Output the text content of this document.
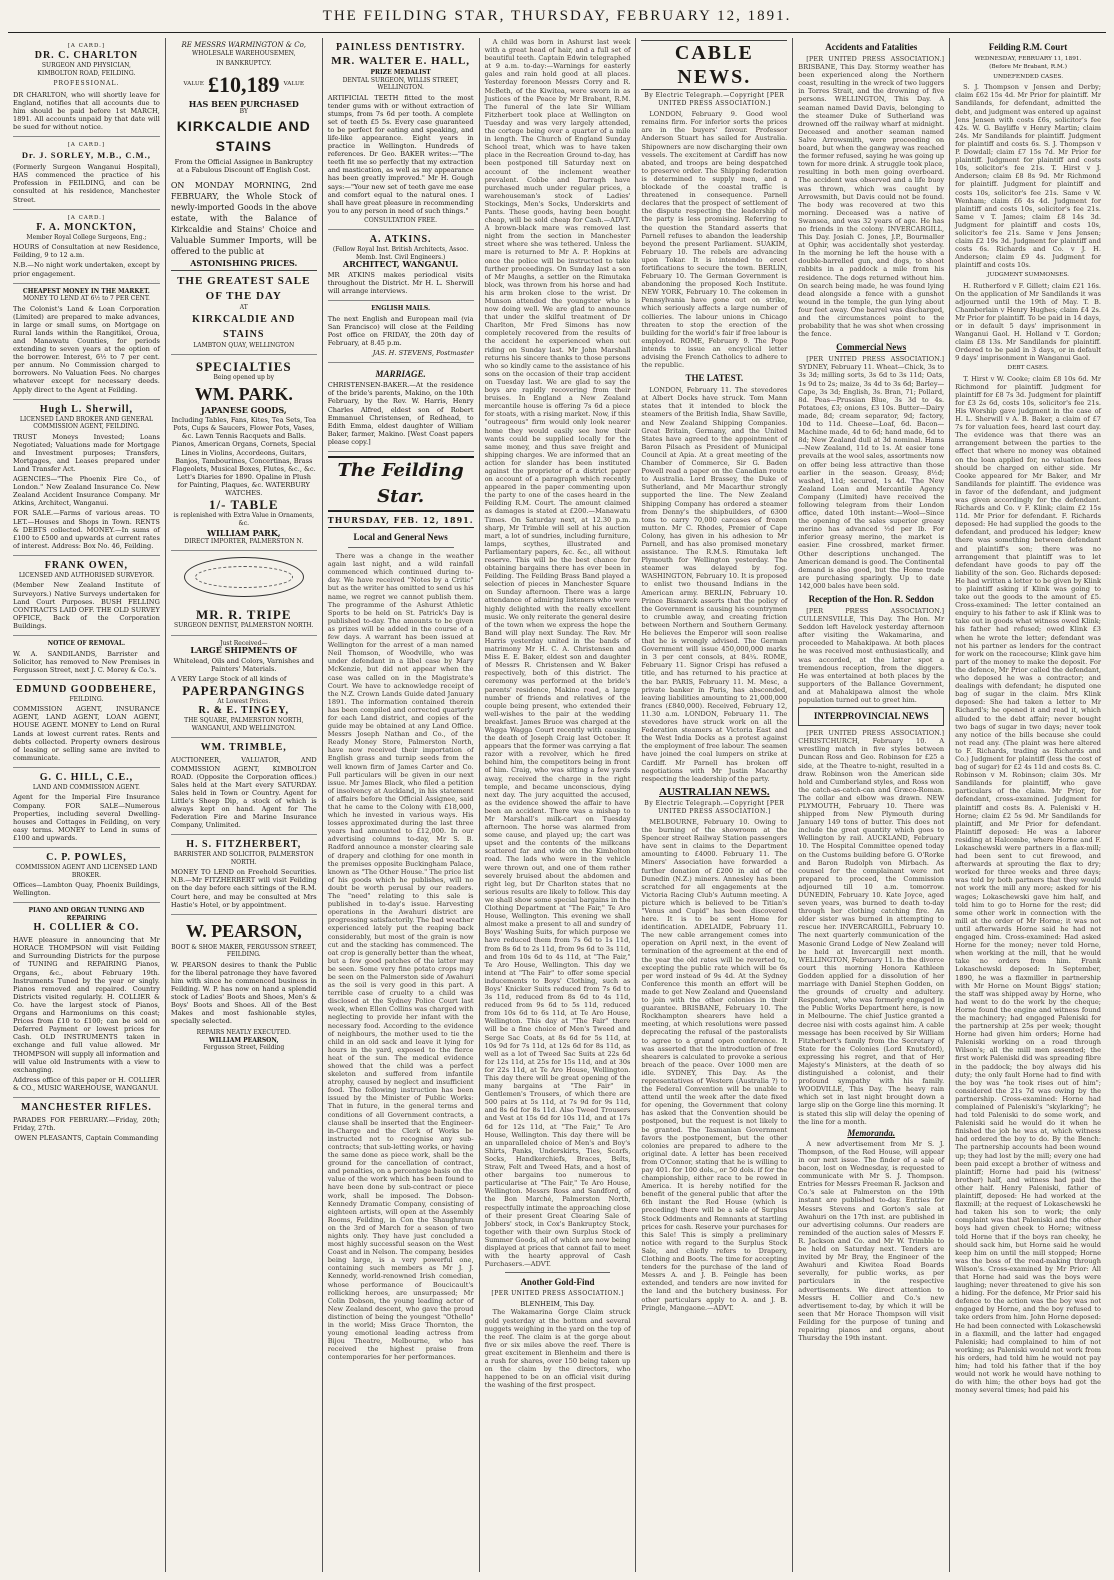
THE FEILDING STAR, THURSDAY, FEBRUARY 12, 1891.
[A CARD.]
DR. C. CHARLTON
SURGEON AND PHYSICIAN,
KIMBOLTON ROAD, FEILDING.
PROFESSIONAL.

DR CHARLTON, who will shortly leave for England, notifies that all accounts due to him should be paid before 1st MARCH, 1891. All accounts unpaid by that date will be sued for without notice.

[A CARD.]
Dr. J. SORLEY, M.B., C.M.,

(Formerly Surgeon Wanganui Hospital), HAS commenced the practice of his Profession in FEILDING, and can be consulted at his residence, Manchester Street.

[A CARD.]
F. A. MONCKTON,
Member Royal College Surgeons, Eng.;

HOURS of Consultation at new Residence, Feilding, 9 to 12 a.m.

N.B.—No night work undertaken, except by prior engagement.

CHEAPEST MONEY IN THE MARKET.
MONEY TO LEND AT 6½ to 7 PER CENT.

The Colonist's Land & Loan Corporation (Limited) are prepared to make advances, in large or small sums, on Mortgage on Rural lands within the Rangitikei, Oroua, and Manawatu Counties, for periods extending to seven years at the option of the borrower. Interest, 6½ to 7 per cent. per annum. No Commission charged to borrowers. No Valuation Fees. No charges whatever except for necessary deeds. Apply direct to the Agent at Feilding.

Hugh L. Sherwill,
LICENSED LAND BROKER AND GENERAL COMMISSION AGENT, FEILDING.

TRUST Moneys Invested; Loans Negotiated; Valuations made for Mortgage and Investment purposes; Transfers, Mortgages, and Leases prepared under Land Transfer Act.

AGENCIES—"The Phoenix Fire Co., of London." New Zealand Insurance Co. New Zealand Accident Insurance Company. Mr Atkins, Architect, Wanganui.

FOR SALE.—Farms of various areas. TO LET.—Houses and Shops in Town. RENTS & DEBTS collected. MONEY.—In sums of £100 to £500 and upwards at current rates of interest. Address: Box No. 46, Feilding.

FRANK OWEN,
LICENSED AND AUTHORISED SURVEYOR.

(Member New Zealand Institute of Surveyors.) Native Surveys undertaken for Land Court Purposes. BUSH FELLING CONTRACTS LAID OFF. THE OLD SURVEY OFFICE, Back of the Corporation Buildings.

NOTICE OF REMOVAL.

W. A. SANDILANDS, Barrister and Solicitor, has removed to New Premises in Fergusson Street, next J. C. Morey & Co.'s.

EDMUND GOODBEHERE,
FEILDING.

COMMISSION AGENT, INSURANCE AGENT, LAND AGENT, LOAN AGENT, HOUSE AGENT. MONEY to Lend on Rural Lands at lowest current rates. Rents and debts collected. Property owners desirous of leasing or selling same are invited to communicate.

G. C. HILL, C.E.,
LAND AND COMMISSION AGENT.

Agent for the Imperial Fire Insurance Company. FOR SALE—Numerous Properties, including several Dwelling-houses and Cottages in Feilding, on very easy terms. MONEY to Lend in sums of £100 and upwards.

C. P. POWLES,
COMMISSION AGENT AND LICENSED LAND BROKER.

Offices—Lambton Quay, Phoenix Buildings, Wellington.

PIANO AND ORGAN TUNING AND REPAIRING
H. COLLIER & CO.

HAVE pleasure in announcing that Mr HORACE THOMPSON will visit Feilding and Surrounding Districts for the purpose of TUNING and REPAIRING Pianos, Organs, &c., about February 19th. Instruments Tuned by the year or singly. Pianos removed and repaired. Country Districts visited regularly. H. COLLIER & Co. have the largest stock of Pianos, Organs and Harmoniums on this coast; Prices from £10 to £100; can be sold on Deferred Payment or lowest prices for Cash. OLD INSTRUMENTS taken in exchange and full value allowed. Mr THOMPSON will supply all information and will value old Instruments with a view to exchanging.

Address office of this paper or H. COLLIER & CO., MUSIC WAREHOUSE, WANGANUI.

MANCHESTER RIFLES.

PARADES FOR FEBRUARY.—Friday, 20th; Friday, 27th.

OWEN PLEASANTS, Captain Commanding

RE MESSRS WARMINGTON & Co,
WHOLESALE WAREHOUSEMEN,
IN BANKRUPTCY.
VALUE £10,189 VALUE
HAS BEEN PURCHASED
BY
KIRKCALDIE AND STAINS

From the Official Assignee in Bankruptcy at a Fabulous Discount off English Cost.

ON MONDAY MORNING, 2nd FEBRUARY, the Whole Stock of newly-imported Goods in the above estate, with the Balance of Kirkcaldie and Stains' Choice and Valuable Summer Imports, will be offered to the public at

ASTONISHING PRICES.
THE GREATEST SALE OF THE DAY
AT
KIRKCALDIE AND STAINS
LAMBTON QUAY, WELLINGTON
SPECIALTIES
Being opened up by
WM. PARK.
JAPANESE GOODS,

Including Tables, Fans, Kites, Tea Sets, Tea Pots, Cups & Saucers, Flower Pots, Vases, &c. Lawn Tennis Racquets and Balls. Pianos, American Organs, Cornets, Special Lines in Violins, Accordeons, Guitars, Banjos, Tambourines, Concertinas, Brass Flageolets, Musical Boxes, Flutes, &c., &c. Lett's Diaries for 1890. Opaline in Plush for Painting, Plaques, &c. WATERBURY WATCHES.

1/- TABLE
is replenished with Extra Value in Ornaments, &c.
WILLIAM PARK,
DIRECT IMPORTER, PALMERSTON N.
MR. R. TRIPE
SURGEON DENTIST, PALMERSTON NORTH.
Just Received—
LARGE SHIPMENTS OF

Whitelead, Oils and Colors, Varnishes and Painters' Materials.

A VERY Large Stock of all kinds of

PAPERPANGINGS
At Lowest Prices.
R. & E. TINGEY,
THE SQUARE, PALMERSTON NORTH, WANGANUI, AND WELLINGTON.
WM. TRIMBLE,

AUCTIONEER, VALUATOR, AND COMMISSION AGENT, KIMBOLTON ROAD. (Opposite the Corporation offices.) Sales held at the Mart every SATURDAY. Sales held in Town or Country. Agent for Little's Sheep Dip, a stock of which is always kept on hand. Agent for The Federation Fire and Marine Insurance Company, Unlimited.

H. S. FITZHERBERT,
BARRISTER AND SOLICITOR, PALMERSTON NORTH.

MONEY TO LEND on Freehold Securities. N.B.—Mr FITZHERBERT will visit Feilding on the day before each sittings of the R.M. Court here, and may be consulted at Mrs Hastie's Hotel, or by appointment.

W. PEARSON,
BOOT & SHOE MAKER, FERGUSSON STREET, FEILDING.

W. PEARSON desires to thank the Public for the liberal patronage they have favored him with since he commenced business in Feilding. W. P. has now on hand a splendid stock of Ladies' Boots and Shoes, Men's & Boys' Boots and Shoes. All of the Best Makes and most fashionable styles, specially selected.

REPAIRS NEATLY EXECUTED.
WILLIAM PEARSON,
Fergusson Street, Feilding
PAINLESS DENTISTRY.
MR. WALTER E. HALL,
PRIZE MEDALIST
DENTAL SURGEON, WILLIS STREET, WELLINGTON.

ARTIFICIAL TEETH fitted to the most tender gums with or without extraction of stumps, from 7s 6d per tooth. A complete set of teeth £5 5s. Every case guaranteed to be perfect for eating and speaking, and life-like appearance. Eight years in practice in Wellington. Hundreds of references. Dr Geo. BAKER writes:—"The teeth fit me so perfectly that my extraction and mastication, as well as my appearance has been greatly improved." Mr H. Gough says:—"Your new set of teeth gave me ease and comfort equal to the natural ones. I shall have great pleasure in recommending you to any person in need of such things."

CONSULTATION FREE.
A. ATKINS.
(Fellow Royal Inst. British Architects, Assoc. Memb. Inst. Civil Engineers.)
ARCHITECT, WANGANUI.

MR ATKINS makes periodical visits throughout the District. Mr H. L. Sherwill will arrange interviews.

ENGLISH MAILS.

The next English and European mail (via San Francisco) will close at the Feilding Post office on FRIDAY, the 20th day of February, at 8.45 p.m.

JAS. H. STEVENS, Postmaster

MARRIAGE.

CHRISTENSEN-BAKER.—At the residence of the bride's parents, Makino, on the 10th February, by the Rev. W. Harris, Henry Charles Alfred, eldest son of Robert Emmanuel Christensen, of Redhead, to Edith Emma, eldest daughter of William Baker, farmer, Makino. [West Coast papers please copy.]

The Feilding Star.
THURSDAY, FEB. 12, 1891.
Local and General News

There was a change in the weather again last night, and a wild rainfall commenced which continued during to-day. We have received "Notes by a Critic" but as the writer has omitted to send us his name, we regret we cannot publish them. The programme of the Ashurst Athletic Sports to be held on St. Patrick's Day is published to-day. The amounts to be given as prizes will be added in the course of a few days. A warrant has been issued at Wellington for the arrest of a man named Neil Thomson, of Woodville, who was under defendant in a libel case by Mary McKenzie, but did not appear when the case was called on in the Magistrate's Court. We have to acknowledge receipt of the N.Z. Crown Lands Guide dated January 1891. The information contained therein has been compiled and corrected quarterly for each Land district, and copies of the guide may be obtained at any Land Office. Messrs Joseph Nathan and Co., of the Ready Money Store, Palmerston North, have now received their importation of English grass and turnip seeds from the well known firm of James Carter and Co. Full particulars will be given in our next issue. Mr James Black, who filed a petition of insolvency at Auckland, in his statement of affairs before the Official Assignee, said that he came to the Colony with £18,000, which he invested in various ways. His losses approximated during the last three years had amounted to £12,000. In our advertising columns to-day, Mr S. B. Radford announce a monster clearing sale of drapery and clothing for one month in the premises opposite Buckingham Palace, known as "The Other House." The price list of his goods which he publishes, will no doubt be worth perusal by our readers. The "need" relating to this sale is published in to-day's issue. Harvesting operations in the Awahuri district are progressing satisfactorily. The bad weather experienced lately put the reaping back considerably, but most of the grain is now cut and the stacking has commenced. The oat crop is generally better than the wheat, but a few good patches of the latter may be seen. Some very fine potato crops may be seen on the Palmerston side of Awahuri as the soil is very good in this part. A terrible case of cruelty to a child was disclosed at the Sydney Police Court last week, when Ellen Collins was charged with neglecting to provide her infant with the necessary food. According to the evidence of neighbours, the mother used to tie the child in an old sack and leave it lying for hours in the yard, exposed to the fierce heat of the sun. The medical evidence showed that the child was a perfect skeleton and suffered from infantile atrophy, caused by neglect and insufficient food. The following instruction has been issued by the Minister of Public Works: That in future, in the general terms and conditions of all Government contracts, a clause shall be inserted that the Engineer-in-Charge and the Clerk of Works be instructed not to recognise any sub-contracts; that sub-letting works, or having the same done as piece work, shall be the ground for the cancellation of contract, and penalties, on a percentage basis on the value of the work which has been found to have been done by sub-contract or piece work, shall be imposed. The Dobson-Kennedy Dramatic Company, consisting of eighteen artists, will open at the Assembly Rooms, Feilding, in Con the Shaughraun on the 3rd of March for a season of two nights only. They have just concluded a most highly successful season on the West Coast and in Nelson. The company, besides being large, is a very powerful one, containing such members as Mr J. J. Kennedy, world-renowned Irish comedian, whose performance of Boucicault's rollicking heroes, are unsurpassed; Mr Colin Dobson, the young leading actor of New Zealand descent, who gave the proud distinction of being the youngest "Othello" in the world; Miss Grace Thornton, the young emotional leading actress from Bijou Theatre, Melbourne, who has received the highest praise from contemporaries for her performances.

A child was born in Ashurst last week with a great head of hair, and a full set of beautiful teeth. Captain Edwin telegraphed at 9 a.m. to-day:—Warnings for easterly gales and rain hold good at all places. Yesterday forenoon Messrs Corry and R. McBeth, of the Kiwitea, were sworn in as Justices of the Peace by Mr Brabant, R.M. The funeral of the late Sir William Fitzherbert took place at Wellington on Tuesday and was very largely attended, the cortege being over a quarter of a mile in length. The Church of England Sunday School treat, which was to have taken place in the Recreation Ground to-day, has been postponed till Saturday next on account of the inclement weather prevalent. Cobbe and Darragh have purchased much under regular prices, a warehouseman's stock of Ladies' Stockings, Men's Socks, Underskirts and Pants. These goods, having been bought cheap, will be sold cheap for Cash.—ADVT. A brown-black mare was removed last night from the section in Manchester street where she was tethered. Unless the mare is returned to Mr A. P. Hopkins at once the police will be instructed to take further proceedings. On Sunday last a son of Mr Maughs, a settler on the Rimutaka block, was thrown from his horse and had his arm broken close to the wrist. Dr Munson attended the youngster who is now doing well. We are glad to announce that under the skilful treatment of Dr Charlton, Mr Fred Simons has now completely recovered from the results of the accident he experienced when out riding on Sunday last. Mr John Marshall returns his sincere thanks to those persons who so kindly came to the assistance of his sons on the occasion of their trap accident on Tuesday last. We are glad to say the boys are rapidly recovering from their bruises. In England a New Zealand mercantile house is offering 7s 6d a piece for stoats, with a rising market. Now, if this "outrageous" firm would only look nearer home they would easily see how their wants could be supplied locally for the same money, and thus save freight and shipping charges. We are informed that an action for slander has been instituted against the proprietor of a district paper on account of a paragraph which recently appeared in the paper commenting upon the party to one of the cases heard in the Feilding R.M. Court. The amount claimed as damages is stated at £200.—Manawatu Times. On Saturday next, at 12.30 p.m. sharp, Mr Trimble will sell at his auction mart, a lot of sundries, including furniture, lamps, scythes, illustrated and Parliamentary papers, &c. &c., all without reserve. This will be the best chance for obtaining bargains there has ever been in Feilding. The Feilding Brass Band played a selection of pieces in Manchester Square on Sunday afternoon. There was a large attendance of admiring listeners who were highly delighted with the really excellent music. We only reiterate the general desire of the town when we express the hope the Band will play next Sunday. The Rev. Mr Harris yesterday united in the bands of matrimony Mr H. C. A. Christensen and Miss E. E. Baker, eldest son and daughter of Messrs R. Christensen and W. Baker respectively, both of this district. The ceremony was performed at the bride's parents' residence, Makino road, a large number of friends and relatives of the couple being present, who extended their well-wishes to the pair at the wedding breakfast. James Bruce was charged at the Wagga Wagga Court recently with causing the death of Joseph Craig last October. It appears that the former was carrying a flat razor with a revolver, which he fired behind him, the competitors being in front of him. Craig, who was sitting a few yards away, received the charge in the right temple, and became unconscious, dying next day. The jury acquitted the accused, as the evidence showed the affair to have been an accident. There was a mishap to Mr Marshall's milk-cart on Tuesday afternoon. The horse was alarmed from some cause, and played up; the cart was upset and the contents of the milkcans scattered far and wide on the Kimbolton road. The lads who were in the vehicle were thrown out, and one of them rather severely bruised about the abdomen and right leg, but Dr Charlton states that no serious results are likely to follow. This day we shall show some special bargains in the Clothing Department at "The Fair," Te Aro House, Wellington. This evening we shall almost make a present to all and sundry of Boys' Washing Suits, for which purpose we have reduced them from 7s 6d to 1s 11d, from 8s 6d to 2s 11d, from 9s 6d to 3s 11d, and from 10s 6d to 4s 11d, at "The Fair," Te Aro House, Wellington. This day we intend at "The Fair" to offer some special inducements to Boys' Clothing, such as Boys' Knicker Suits reduced from 7s 6d to 3s 11d, reduced from 8s 6d to 4s 11d, reduced from 9s 6d to 5s 11d, reduced from 10s 6d to 6s 11d, at Te Aro House, Wellington. This day at "The Fair" there will be a fine choice of Men's Tweed and Serge Sac Coats, at 8s 6d for 5s 11d, at 10s 9d for 7s 11d, at 12s 6d for 8s 11d, as well as a lot of Tweed Sac Suits at 22s 6d for 12s 11d, at 25s for 15s 11d, and at 30s for 22s 11d, at Te Aro House, Wellington. This day there will be great opening of the many bargains at "The Fair" in Gentlemen's Trousers, of which there are 500 pairs at 5s 11d, at 7s 9d for 9s 11d, and 8s 6d for 8s 11d. Also Tweed Trousers and Vest at 15s 6d for 10s 11d, and at 17s 6d for 12s 11d, at "The Fair," Te Aro House, Wellington. This day there will be an unparalleled choice of Men's and Boy's Shirts, Panks, Underskirts, Ties, Scarfs, Socks, Handkerchiefs, Braces, Belts, Straw, Felt and Tweed Hats, and a host of other bargains too numerous to particularise at "The Fair," Te Aro House, Wellington. Messrs Ross and Sandford, of the Bon Marché, Palmerston North, respectfully intimate the approaching close of their present Great Clearing Sale of Jobbers' stock, in Cox's Bankruptcy Stock, together with their own Surplus Stock of Summer Goods, all of which are now being displayed at prices that cannot fail to meet with the hearty approval of Cash Purchasers.—ADVT.

Another Gold-Find
[PER UNITED PRESS ASSOCIATION.]
BLENHEIM, This Day.

The Wakamarina Gorge Claim struck gold yesterday at the bottom and several nuggets weighing in the yard on the top of the reef. The claim is at the gorge about five or six miles above the reef. There is great excitement in Blenheim and there is a rush for shares, over 150 being taken up on the claim by the directors, who happened to be on an official visit during the washing of the first prospect.

CABLE NEWS.
By Electric Telegraph.—Copyright [PER UNITED PRESS ASSOCIATION.]

LONDON, February 9. Good wool remains firm. For inferior sorts the prices are in the buyers' favour. Professor Anderson Stuart has sailed for Australia. Shipowners are now discharging their own vessels. The excitement at Cardiff has now abated, and troops are being despatched to preserve order. The Shipping federation is determined to supply men, and a blockade of the coastal traffic is threatened in consequence. Parnell declares that the prospect of settlement of the dispute respecting the leadership of the party is less promising. Referring to the question the Standard asserts that Parnell refuses to abandon the leadership beyond the present Parliament. SUAKIM, February 10. The rebels are advancing upon Tokar. It is intended to erect fortifications to secure the town. BERLIN, February 10. The German Government is abandoning the proposed Koch Institute. NEW YORK, February 10. The cokemen in Pennsylvania have gone out on strike, which seriously affects a large number of collieries. The labour unions in Chicago threaten to stop the erection of the building for the world's fair if free labour is employed. ROME, February 9. The Pope intends to issue an encyclical letter advising the French Catholics to adhere to the republic.

THE LATEST.

LONDON, February 11. The stevedores at Albert Docks have struck. Tom Mann states that it intended to block the steamers of the British India, Shaw Saville, and New Zealand Shipping Companies. Great Britain, Germany, and the United States have agreed to the appointment of Baron Pilsach as President of Municipal Council at Apia. At a great meeting of the Chamber of Commerce, Sir G. Baden Powell read a paper on the Canadian route to Australia. Lord Brassey, the Duke of Sutherland, and Mr Macarthur strongly supported the line. The New Zealand Shipping Company has ordered a steamer from Denny's the shipbuilders, of 6300 tons to carry 70,000 carcases of frozen mutton. Mr C. Rhodes, Premier of Cape Colony, has given in his adhesion to Mr Parnell, and has also promised monetary assistance. The R.M.S. Rimutaka left Plymouth for Wellington yesterday. The steamer was delayed by fog. WASHINGTON, February 10. It is proposed to enlist two thousand Indians in the American army. BERLIN, February 10. Prince Bismarck asserts that the policy of the Government is causing his countrymen to crumble away, and creating friction between Northern and Southern Germany. He believes the Emperor will soon realise that he is wrongly advised. The German Government will issue 450,000,000 marks in 3 per cent consols, at 84¼. ROME, February 11. Signor Crispi has refused a title, and has returned to his practice at the bar. PARIS, February 11. M. Mesc, a private banker in Paris, has absconded, leaving liabilities amounting to 21,000,000 francs (£840,000). Received, February 12, 11.30 a.m. LONDON, February 11. The stevedores have struck work on all the Federation steamers at Victoria East and the West India Docks as a protest against the employment of free labour. The seamen have joined the coal lumpers on strike at Cardiff. Mr Parnell has broken off negotiations with Mr Justin Macarthy respecting the leadership of the party.

AUSTRALIAN NEWS.
By Electric Telegraph.—Copyright [PER UNITED PRESS ASSOCIATION.]

MELBOURNE, February 10. Owing to the burning of the showroom at the Spencer street Railway Station passengers have sent in claims to the Department amounting to £4000. February 11. The Miners' Association have forwarded a further donation of £200 in aid of the Dunedin (N.Z.) miners. Annesley has been scratched for all engagements at the Victoria Racing Club's Autumn meeting. A picture which is believed to be Titian's "Venus and Cupid" has been discovered here. It is to be sent Home for identification. ADELAIDE, February 11. The new cable arrangement comes into operation on April next, in the event of termination of the agreement at the end of the year the old rates will be reverted to, excepting the public rate which will be 6s per word instead of 9s 4d. At the Sydney Conference this month an effort will be made to get New Zealand and Queensland to join with the other colonies in their guarantee. BRISBANE, February 10. The Rockhampton shearers have held a meeting, at which resolutions were passed deprecating the refusal of the pastoralists to agree to a grand open conference. It was asserted that the introduction of free shearers is calculated to provoke a serious breach of the peace. Over 1000 men are idle. SYDNEY, This Day. As the representatives of Western (Australia ?) to the Federal Convention will be unable to attend until the week after the date fixed for opening, the Government that colony has asked that the Convention should be postponed, but the request is not likely to be granted. The Tasmanian Government favors the postponement, but the other colonies are prepared to adhere to the original date. A letter has been received from O'Connor, stating that he is willing to pay 401. for 100 dols., or 50 dols. if for the championship, either race to be rowed in America. It is hereby notified for the benefit of the general public that after the 6th instant the Red House (which is preceding) there will be a sale of Surplus Stock Oddments and Remnants at startling prices for cash. Reserve your purchases for this Sale! This is simply a preliminary notice with regard to the Surplus Stock Sale, and chiefly refers to Drapery, Clothing and Boots. The time for accepting tenders for the purchase of the land of Messrs A. and J. B. Feingle has been extended, and tenders are now invited for the land and the butchery business. For other particulars apply to A. and J. B. Pringle, Mangaone.—ADVT.

Accidents and Fatalities

[PER UNITED PRESS ASSOCIATION.] BRISBANE, This Day. Stormy weather has been experienced along the Northern coast, resulting in the wreck of two luggers in Torres Strait, and the drowning of five persons. WELLINGTON, This Day. A seaman named David Davis, belonging to the steamer Duke of Sutherland was drowned off the railway wharf at midnight. Deceased and another seaman named Salve Arrowsmith, were proceeding on board, but when the gangway was reached the former refused, saying he was going up town for more drink. A struggle took place, resulting in both men going overboard. The accident was observed and a life buoy was thrown, which was caught by Arrowsmith, but Davis could not be found. The body was recovered at two this morning. Deceased was a native of Swansea, and was 32 years of age. He has no friends in the colony. INVERCARGILL, This Day. Josiah C. Jones, J.P., Bourmaller at Ophir, was accidentally shot yesterday. In the morning he left the house with a double-barrelled gun, and dogs, to shoot rabbits in a paddock a mile from his residence. The dogs returned without him. On search being made, he was found lying dead alongside a fence with a gunshot wound in the temple, the gun lying about four feet away. One barrel was discharged, and the circumstances point to the probability that he was shot when crossing the fence.

Commercial News

[PER UNITED PRESS ASSOCIATION.] SYDNEY, February 11. Wheat—Chick, 3s to 3s 3d; milling sorts, 3s 6d to 3s 11d; Oats, 1s 9d to 2s; maize, 3s 4d to 3s 6d; Barley—Cape, 3s 3d; English, 3s. Bran, 71; Pollard, 8d. Peas—Prussian Blue, 3s 3d to 4s. Potatoes, £3; onions, £3 10s. Butter—Dairy made, 8d; cream separator, 9d; factory, 10d to 11d. Cheese—Loaf, 6d. Bacon—Machine made, 4d to 6d; hand made, 6d to 8d; New Zealand dull at 3d nominal. Hams—New Zealand, 11d to 1s. At easier tone prevails at the wool sales, assortments now on offer being less attractive than those earlier in the season. Greasy, 8½d; washed, 11d; secured, 1s 4d. The New Zealand Loan and Mercantile Agency Company (Limited) have received the following telegram from their London office, dated 10th instant:—Wool—Since the opening of the sales superior greasy merino has advanced ½d per lb. For inferior greasy merino, the market is easier. Fine crossbred, market firmer. Other descriptions unchanged. The American demand is good. The Continental demand is also good, but the Home trade are purchasing sparingly. Up to date 142,000 bales have been sold.

Reception of the Hon. R. Seddon

[PER PRESS ASSOCIATION.] CULLENSVILLE, This Day. The Hon. Mr Seddon left Havelock yesterday afternoon after visiting the Wakamarina, and proceeded to Mahakipawa. At both places he was received most enthusiastically, and was accorded, at the latter spot a tremendous reception, from the diggers. He was entertained at both places by the supporters of the Ballance Government, and at Mahakipawa almost the whole population turned out to greet him.

INTERPROVINCIAL NEWS

[PER UNITED PRESS ASSOCIATION.] CHRISTCHURCH, February 10. A wrestling match in five styles between Duncan Ross and Geo. Robinson for £25 a side, at the Theatre to-night, resulted in a draw. Robinson won the American side hold and Cumberland styles, and Ross won the catch-as-catch-can and Græco-Roman. The collar and elbow was drawn. NEW PLYMOUTH, February 10. There was shipped from New Plymouth during January 149 tons of butter. This does not include the great quantity which goes to Wellington by rail. AUCKLAND, February 10. The Hospital Committee opened today on the Customs building before G. O'Rorke and Baron Rudolph von Mirbach. As counsel for the complainant were not prepared to proceed, the Commission adjourned till 10 a.m. tomorrow. DUNEDIN, February 10. Kate Joyce, aged seven years, was burned to death to-day through her clothing catching fire. An elder sister was burned in attempting to rescue her. INVERCARGILL, February 10. The next quarterly communication of the Masonic Grand Lodge of New Zealand will be held at Invercargill next month. WELLINGTON, February 11. In the divorce court this morning Honora Kathleen Godden applied for a dissolution of her marriage with Daniel Stephen Godden, on the grounds of cruelty and adultery. Respondent, who was formerly engaged in the Public Works Department here, is now in Melbourne. The chief Justice granted a decree nisi with costs against him. A cable message has been received by Sir William Fitzherbert's family from the Secretary of State for the Colonies (Lord Knutsford), expressing his regret, and that of Her Majesty's Ministers, at the death of so distinguished a colonist, and their profound sympathy with his family. WOODVILLE, This Day. The heavy rain which set in last night brought down a large slip on the Gorge line this morning. It is stated this slip will delay the opening of the line for a month.

Memoranda.

A new advertisement from Mr S. J. Thompson, of the Red House, will appear in our next issue. The finder of a sale of bacon, lost on Wednesday, is requested to communicate with Mr S. J. Thompson. Entries for Messrs Freeman R. Jackson and Co.'s sale at Palmerston on the 19th instant are published to-day. Entries for Messrs Stevens and Gorton's sale at Awahuri on the 17th inst. are published in our advertising columns. Our readers are reminded of the auction sales of Messrs F. R. Jackson and Co. and Mr W. Trimble to be held on Saturday next. Tenders are invited by Mr Bray, the Engineer of the Awahuri and Kiwitea Road Boards severally, for public works, as per particulars in the respective advertisements. We direct attention to Messrs H. Collier and Co.'s new advertisement to-day, by which it will be seen that Mr Horace Thompson will visit Feilding for the purpose of tuning and repairing pianos and organs, about Thursday the 19th instant.

Feilding R.M. Court
WEDNESDAY, FEBRUARY 11, 1891.
(Before Mr Brabant, R.M.)
UNDEFENDED CASES.

S. J. Thompson v Jensen and Derby; claim £62 15s 4d. Mr Prior for plaintiff. Mr Sandilands, for defendant, admitted the debt, and judgment was entered up against Jens Jensen with costs £6s, solicitor's fee 42s. W. G. Bayliffe v Henry Martin; claim 24s. Mr Sandilands for plaintiff. Judgment for plaintiff and costs 6s. S. J. Thompson v P. Dowdall; claim £7 15s 7d. Mr Prior for plaintiff. Judgment for plaintiff and costs 10s, solicitor's fee 21s. T. Hirst v J. Anderson; claim £8 8s 9d. Mr Richmond for plaintiff. Judgment for plaintiff and costs 10s, solicitor's fee 21s. Same v W. Wenham; claim £6 4s 4d. Judgment for plaintiff and costs 10s, solicitor's fee 21s. Same v T. James; claim £8 14s 3d. Judgment for plaintiff and costs 10s, solicitor's fee 21s. Same v Jens Jensen; claim £2 19s 3d. Judgment for plaintiff and costs 6s. Richards and Co. v J. H. Anderson; claim £9 4s. Judgment for plaintiff and costs 10s.

JUDGMENT SUMMONSES.

H. Rutherford v F. Gillett; claim £21 16s. On the application of Mr Sandilands it was adjourned until the 19th of May. T. B. Chamberlain v Henry Hughes; claim £4 2s. Mr Prior for plaintiff. To be paid in 14 days, or in default 5 days' imprisonment in Wanganui Gaol. H. Holland v T. Gordon; claim £8 13s. Mr Sandilands for plaintiff. Ordered to be paid in 3 days, or in default 9 days' imprisonment in Wanganui Gaol.

DEBT CASES.

T. Hirst v W. Cooke; claim £8 10s 6d. Mr Richmond for plaintiff. Judgment for plaintiff for £8 7s 3d. Judgment for plaintiff for £3 2s 6d, costs 10s, solicitor's fee 21s. His Worship gave judgment in the case of H. L. Sherwill v A. B. Baker, a claim of £7 7s for valuation fees, heard last court day. The evidence was that there was an arrangement between the parties to the effect that where no money was obtained on the loan applied for, no valuation fees should be charged on either side. Mr Cooke appeared for Mr Baker, and Mr Sandilands for plaintiff. The evidence was in favor of the defendant, and judgment was given accordingly for the defendant. Richards and Co. v F. Klink; claim £2 15s 11d. Mr Prior for defendant. F. Richards deposed: He had supplied the goods to the defendant, and produced his ledger; knew there was something between defendant and plaintiff's son; there was no arrangement that plaintiff was to let defendant have goods to pay off the liability of the son. Geo. Richards deposed: He had written a letter to be given by Klink to plaintiff asking if Klink was going to take out the goods to the amount of £5. Cross-examined: The letter contained an enquiry to his father to ask if Klink was to take out in goods what witness owed Klink; his father had refused; owed Klink £3 when he wrote the letter; defendant was not his partner as lenders for the contract for work on the racecourse; Klink gave him part of the money to make the deposit. For the defence, Mr Prior called the defendant, who deposed he was a contractor; and dealings with defendant; he disputed one bag of sugar in the claim. Mrs Klink deposed: She had taken a letter to Mr Richard's; he opened it and read it, which alluded to the debt affair; never bought two bags of sugar in two days; never took any notice of the bills because she could not read any. (The plaint was here altered to F. Richards, trading as Richards and Co.) Judgment for plaintiff (less the cost of bag of sugar) for £2 4s 11d and costs 8s. C. Robinson v M. Robinson; claim 30s. Mr Sandilands for plaintiff, who gave particulars of the claim. Mr Prior, for defendant, cross-examined. Judgment for plaintiff and costs 8s. A. Paleniski v H. Horne; claim £2 5s 9d. Mr Sandilands for plaintiff, and Mr Prior for defendant. Plaintiff deposed: He was a laborer residing at Halcombe, where Horne and F. Lokaschewski were partners in a flax-mill; had been sent to cut firewood, and afterwards at sprouting the flax to dry; worked for three weeks and three days; was told by both partners that they would not work the mill any more; asked for his wages; Lokaschewski gave him half, and told him to go to Horne for the rest; did some other work in connection with the mill at the order of Mr Horne; it was not until afterwards Horne said he had not engaged him. Cross-examined: Had asked Horne for the money; never told Horne, when working at the mill, that he would take no orders from him. Frank Lokaschewski deposed: In September, 1890, he was a flaxmiller in partnership with Mr Horne on Mount Biggs' station; the staff was shipped away by Horne, who had went to do the work by the cheque; Horne found the engine and witness found the machinery; had engaged Paleniski for the partnership at 25s per week; thought Horne had given him orders; Horne had Paleniski working on a road through Wilson's; all the mill men assented; the first work Paleniski did was spreading fibre in the paddock; the boy always did his duty; the only fault Horne had to find with the boy was "he took rises out of him"; considered the 21s 7d was owing by the partnership. Cross-examined: Horne had complained of Paleniski's "skylarking"; he had told Paleniski to do some work, and Paleniski said he would do it when he finished the job he was at, which witness had ordered the boy to do. By the Bench: The partnership accounts had been wound up; they had lost by the mill; every one had been paid except a brother of witness and plaintiff; Horne had paid his (witness' brother) half, and witness had paid the other half. Henry Paleniski, father of plaintiff, deposed: He had worked at the flaxmill; at the request of Lokaschewski he had taken his son to work; the only complaint was that Paleniski and the other boys had given cheek to Horne; witness told Horne that if the boys ran cheeky, he should sack him, but Horne said he would keep him on until the mill stopped; Horne was the boss of the road-making through Wilson's. Cross-examined by Mr Prior: All that Horne had said was the boys were laughing; never threatened to give his son a hiding. For the defence, Mr Prior said his defence to the action was the boy was not engaged by Horne, and the boy refused to take orders from him. John Horne deposed: He had been connected with Lokaschewski in a flaxmill, and the latter had engaged Paleniski; had complained to him of not working; as Paleniski would not work from his orders, had told him he would not pay him; had told his father that if the boy would not work he would have nothing to do with him; the other boys had got the money several times; had paid his
